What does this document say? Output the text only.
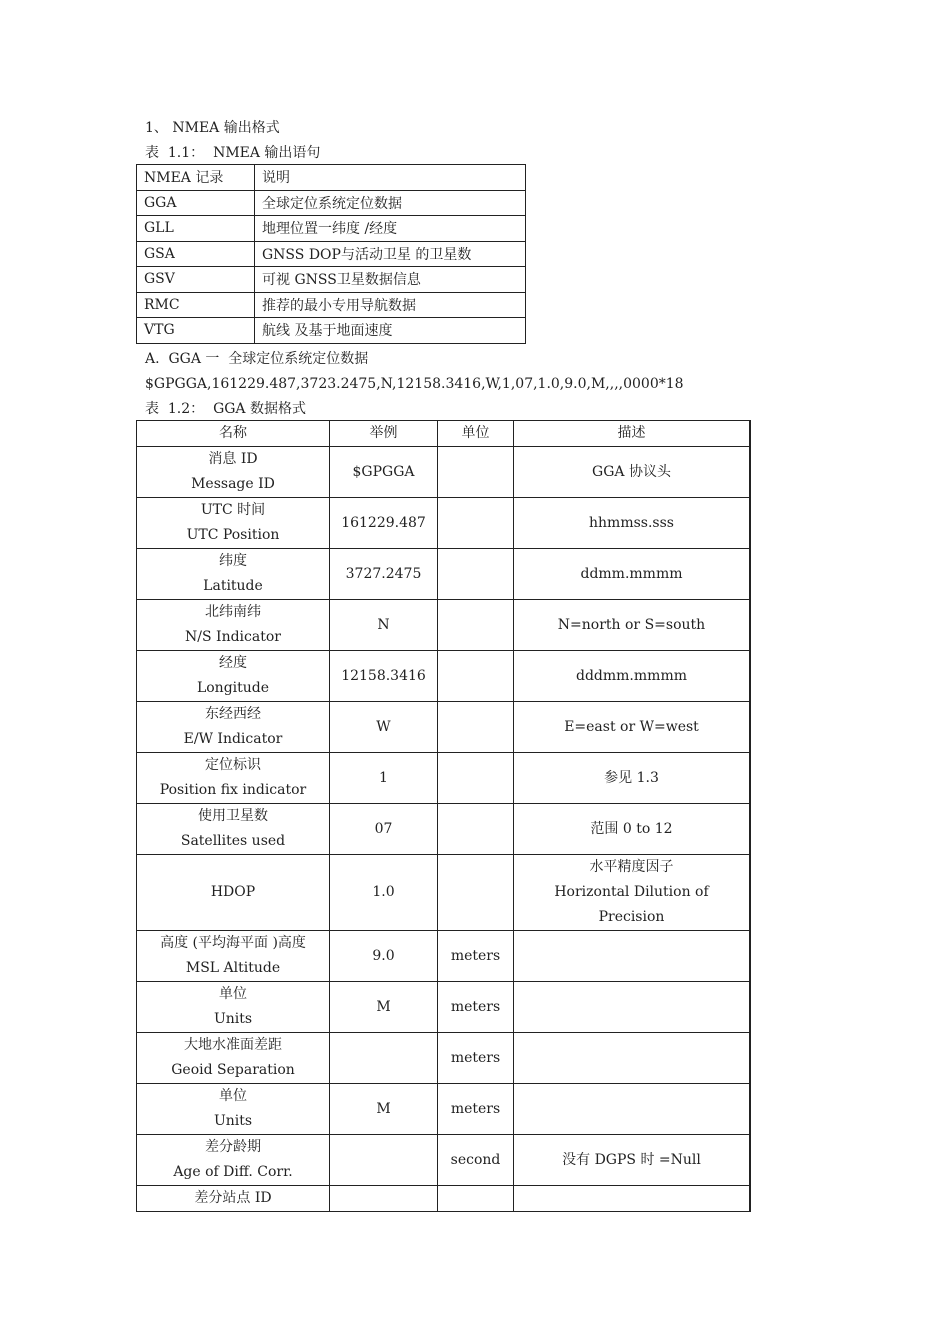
1、 NMEA 输出格式
表  1.1：  NMEA 输出语句
NMEA 记录	说明
GGA	全球定位系统定位数据
GLL	地理位置一纬度 /经度
GSA	GNSS DOP与活动卫星 的卫星数
GSV	可视 GNSS卫星数据信息
RMC	推荐的最小专用导航数据
VTG	航线 及基于地面速度
A.  GGA 一  全球定位系统定位数据
$GPGGA,161229.487,3723.2475,N,12158.3416,W,1,07,1.0,9.0,M,,,,0000*18
表  1.2：  GGA 数据格式
名称	举例	单位	描述

消息 ID
Message ID	$GPGGA		GGA 协议头

UTC 时间
UTC Position	161229.487		hhmmss.sss

纬度
Latitude	3727.2475		ddmm.mmmm

北纬南纬
N/S Indicator	N		N=north or S=south

经度
Longitude	12158.3416		dddmm.mmmm

东经西经
E/W Indicator	W		E=east or W=west

定位标识
Position fix indicator	1		参见 1.3

使用卫星数
Satellites used	07		范围 0 to 12

HDOP	1.0		水平精度因子
Horizontal Dilution of
Precision

高度 (平均海平面 )高度
MSL Altitude	9.0	meters	

单位
Units	M	meters	

大地水准面差距
Geoid Separation		meters	

单位
Units	M	meters	

差分龄期
Age of Diff. Corr.		second	没有 DGPS 时 =Null

差分站点 ID			
